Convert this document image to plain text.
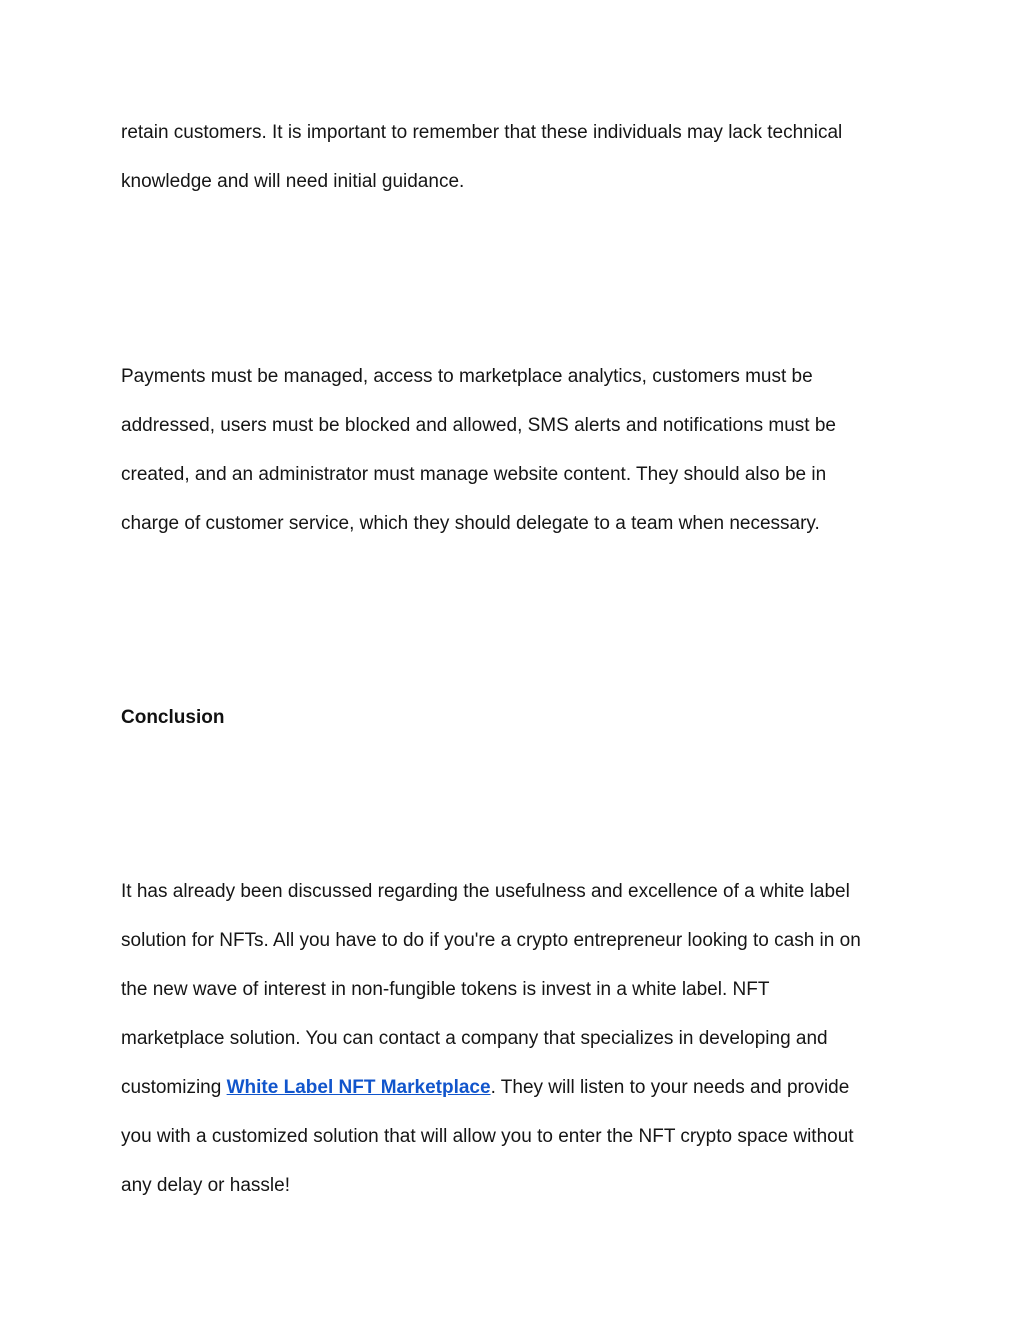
retain customers. It is important to remember that these individuals may lack technical
knowledge and will need initial guidance.
Payments must be managed, access to marketplace analytics, customers must be
addressed, users must be blocked and allowed, SMS alerts and notifications must be
created, and an administrator must manage website content. They should also be in
charge of customer service, which they should delegate to a team when necessary.
Conclusion
It has already been discussed regarding the usefulness and excellence of a white label
solution for NFTs. All you have to do if you're a crypto entrepreneur looking to cash in on
the new wave of interest in non-fungible tokens is invest in a white label. NFT
marketplace solution. You can contact a company that specializes in developing and
customizing White Label NFT Marketplace. They will listen to your needs and provide
you with a customized solution that will allow you to enter the NFT crypto space without
any delay or hassle!
